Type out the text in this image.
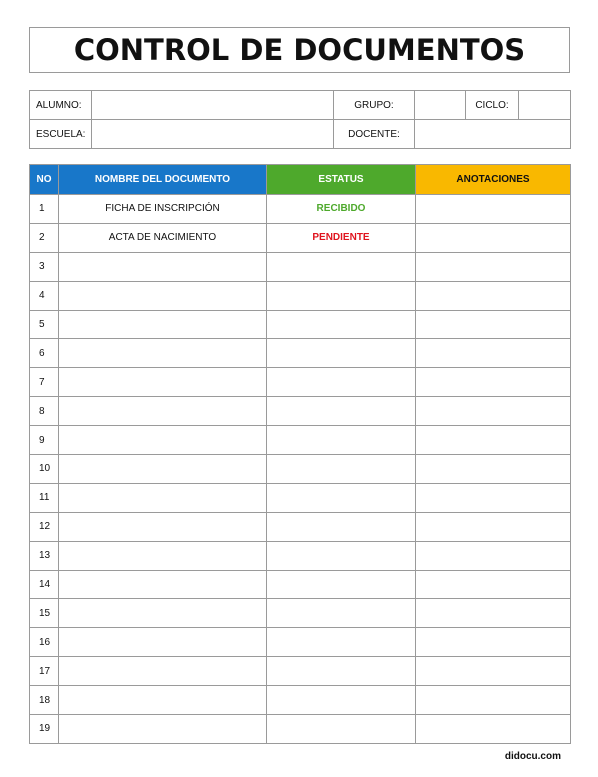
CONTROL DE DOCUMENTOS
ALUMNO:		GRUPO:		CICLO:	
ESCUELA:		DOCENTE:			
NO	NOMBRE DEL DOCUMENTO	ESTATUS	ANOTACIONES
1	FICHA DE INSCRIPCIÓN	RECIBIDO	
2	ACTA DE NACIMIENTO	PENDIENTE	
3			
4			
5			
6			
7			
8			
9			
10			
11			
12			
13			
14			
15			
16			
17			
18			
19			
didocu.com
